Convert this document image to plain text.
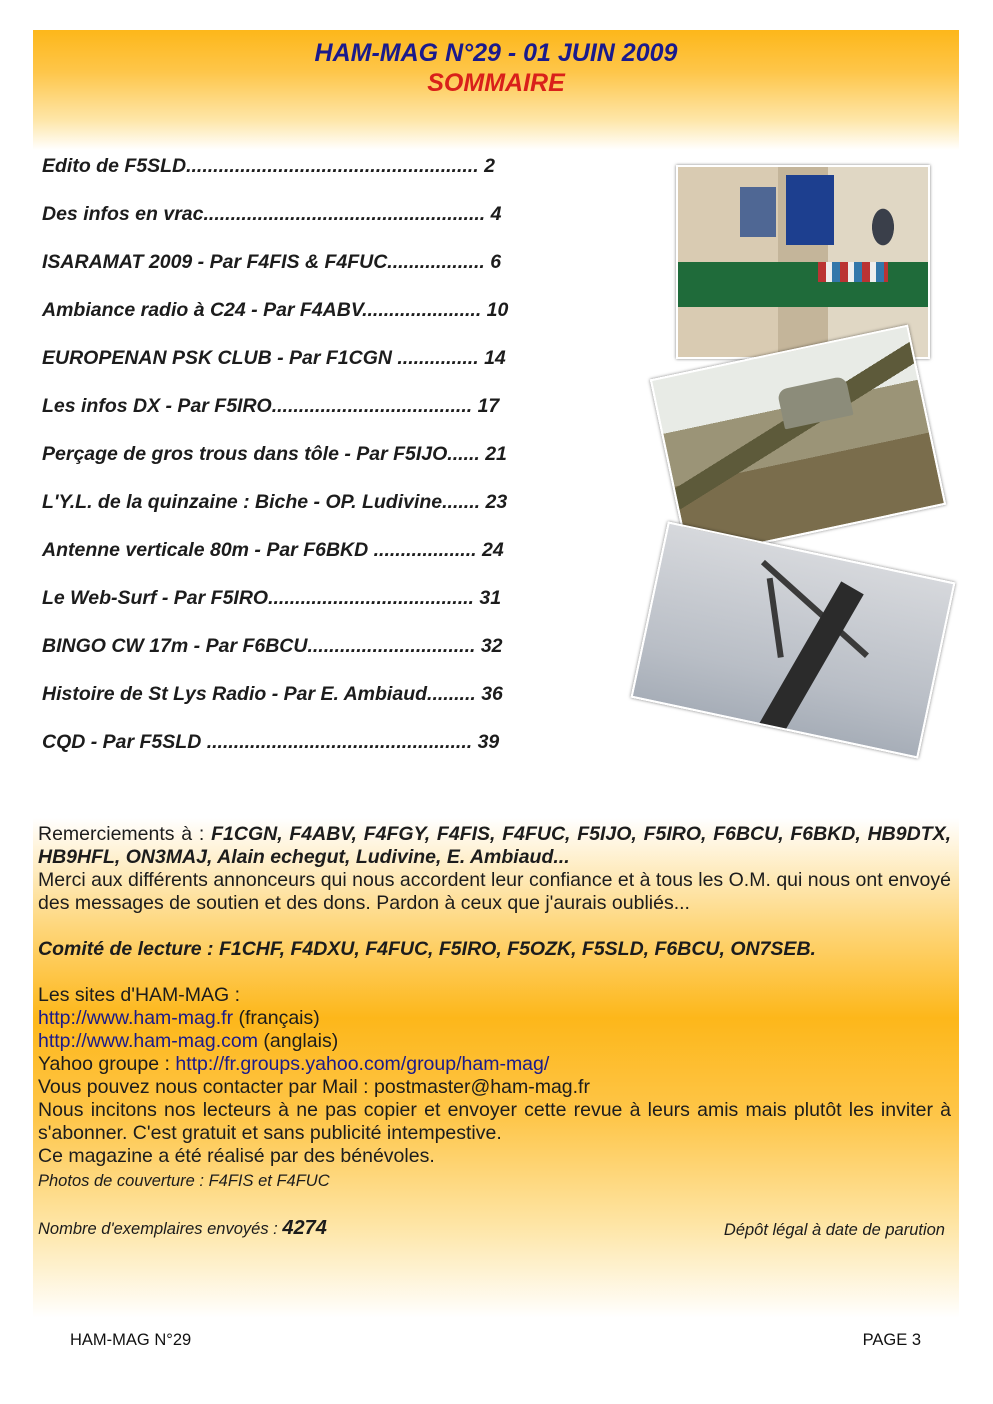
HAM-MAG N°29 - 01 JUIN 2009
SOMMAIRE
Edito de F5SLD...................................................... 2
Des infos en vrac.................................................... 4
ISARAMAT 2009 - Par F4FIS & F4FUC.................. 6
Ambiance radio à C24 - Par F4ABV...................... 10
EUROPENAN PSK CLUB - Par F1CGN ............... 14
Les infos DX - Par F5IRO..................................... 17
Perçage de gros trous dans tôle - Par F5IJO...... 21
L'Y.L. de la quinzaine : Biche - OP. Ludivine....... 23
Antenne verticale 80m - Par F6BKD ................... 24
Le Web-Surf - Par F5IRO...................................... 31
BINGO CW 17m - Par F6BCU............................... 32
Histoire de St Lys Radio - Par E. Ambiaud......... 36
CQD - Par F5SLD ................................................. 39

Remerciements à : F1CGN, F4ABV, F4FGY, F4FIS, F4FUC, F5IJO, F5IRO, F6BCU, F6BKD, HB9DTX, HB9HFL, ON3MAJ, Alain echegut, Ludivine, E. Ambiaud...

Merci aux différents annonceurs qui nous accordent leur confiance et à tous les O.M. qui nous ont envoyé des messages de soutien et des dons. Pardon à ceux que j'aurais oubliés...

Comité de lecture : F1CHF, F4DXU, F4FUC, F5IRO, F5OZK, F5SLD, F6BCU, ON7SEB.

Les sites d'HAM-MAG :

http://www.ham-mag.fr (français)

http://www.ham-mag.com (anglais)

Yahoo groupe : http://fr.groups.yahoo.com/group/ham-mag/

Vous pouvez nous contacter par Mail : postmaster@ham-mag.fr

Nous incitons nos lecteurs à ne pas copier et envoyer cette revue à leurs amis mais plutôt les inviter à s'abonner. C'est gratuit et sans publicité intempestive.

Ce magazine a été réalisé par des bénévoles.

Photos de couverture : F4FIS et F4FUC

Nombre d'exemplaires envoyés : 4274	Dépôt légal à date de parution
HAM-MAG N°29	PAGE 3
